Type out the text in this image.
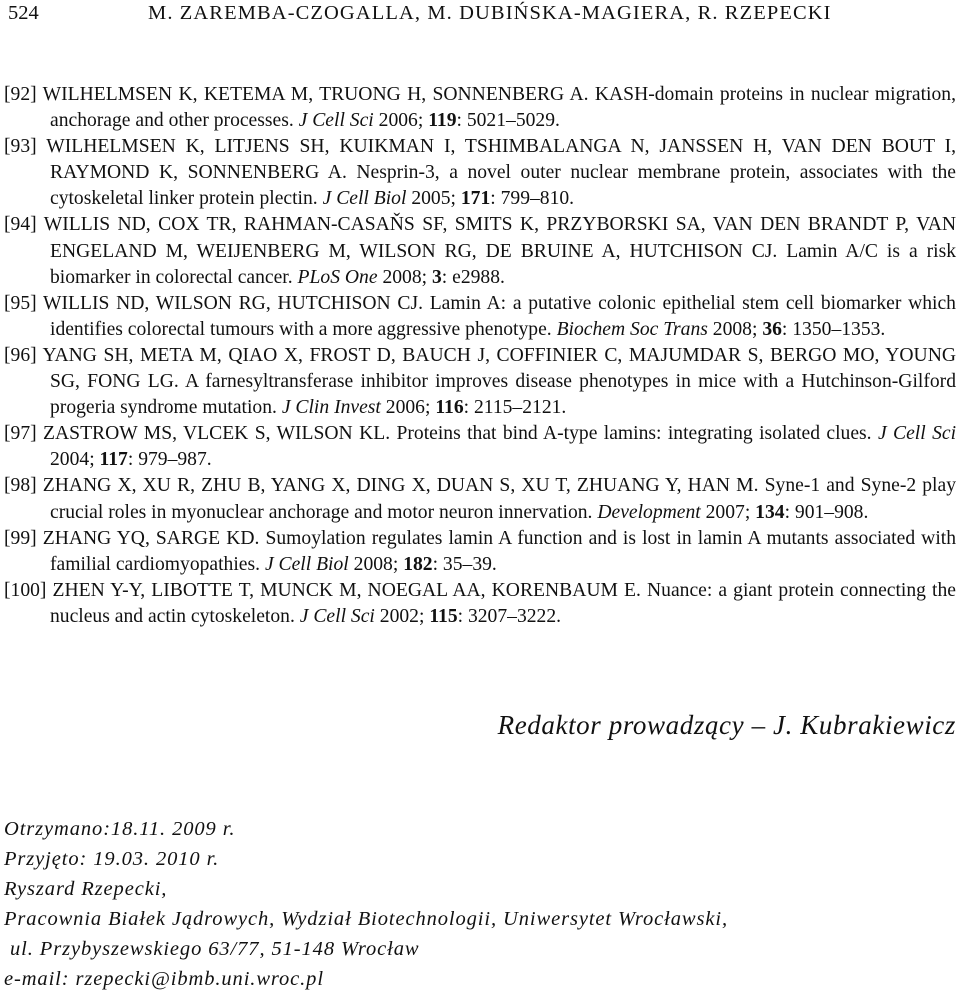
524	M. ZAREMBA-CZOGALLA, M. DUBIŃSKA-MAGIERA, R. RZEPECKI

[92] WILHELMSEN K, KETEMA M, TRUONG H, SONNENBERG A. KASH-domain proteins in nuclear migration, anchorage and other processes. J Cell Sci 2006; 119: 5021–5029.

[93] WILHELMSEN K, LITJENS SH, KUIKMAN I, TSHIMBALANGA N, JANSSEN H, VAN DEN BOUT I, RAYMOND K, SONNENBERG A. Nesprin-3, a novel outer nuclear membrane protein, associates with the cytoskeletal linker protein plectin. J Cell Biol 2005; 171: 799–810.

[94] WILLIS ND, COX TR, RAHMAN-CASAŇS SF, SMITS K, PRZYBORSKI SA, VAN DEN BRANDT P, VAN ENGELAND M, WEIJENBERG M, WILSON RG, DE BRUINE A, HUTCHISON CJ. Lamin A/C is a risk biomarker in colorectal cancer. PLoS One 2008; 3: e2988.

[95] WILLIS ND, WILSON RG, HUTCHISON CJ. Lamin A: a putative colonic epithelial stem cell biomarker which identifies colorectal tumours with a more aggressive phenotype. Biochem Soc Trans 2008; 36: 1350–1353.

[96] YANG SH, META M, QIAO X, FROST D, BAUCH J, COFFINIER C, MAJUMDAR S, BERGO MO, YOUNG SG, FONG LG. A farnesyltransferase inhibitor improves disease phenotypes in mice with a Hutchinson-Gilford progeria syndrome mutation. J Clin Invest 2006; 116: 2115–2121.

[97] ZASTROW MS, VLCEK S, WILSON KL. Proteins that bind A-type lamins: integrating isolated clues. J Cell Sci 2004; 117: 979–987.

[98] ZHANG X, XU R, ZHU B, YANG X, DING X, DUAN S, XU T, ZHUANG Y, HAN M. Syne-1 and Syne-2 play crucial roles in myonuclear anchorage and motor neuron innervation. Development 2007; 134: 901–908.

[99] ZHANG YQ, SARGE KD. Sumoylation regulates lamin A function and is lost in lamin A mutants associated with familial cardiomyopathies. J Cell Biol 2008; 182: 35–39.

[100] ZHEN Y-Y, LIBOTTE T, MUNCK M, NOEGAL AA, KORENBAUM E. Nuance: a giant protein connecting the nucleus and actin cytoskeleton. J Cell Sci 2002; 115: 3207–3222.

Redaktor prowadzący – J. Kubrakiewicz
Otrzymano:18.11. 2009 r.
Przyjęto: 19.03. 2010 r.
Ryszard Rzepecki,
Pracownia Białek Jądrowych, Wydział Biotechnologii, Uniwersytet Wrocławski,
ul. Przybyszewskiego 63/77, 51-148 Wrocław
e-mail: rzepecki@ibmb.uni.wroc.pl
